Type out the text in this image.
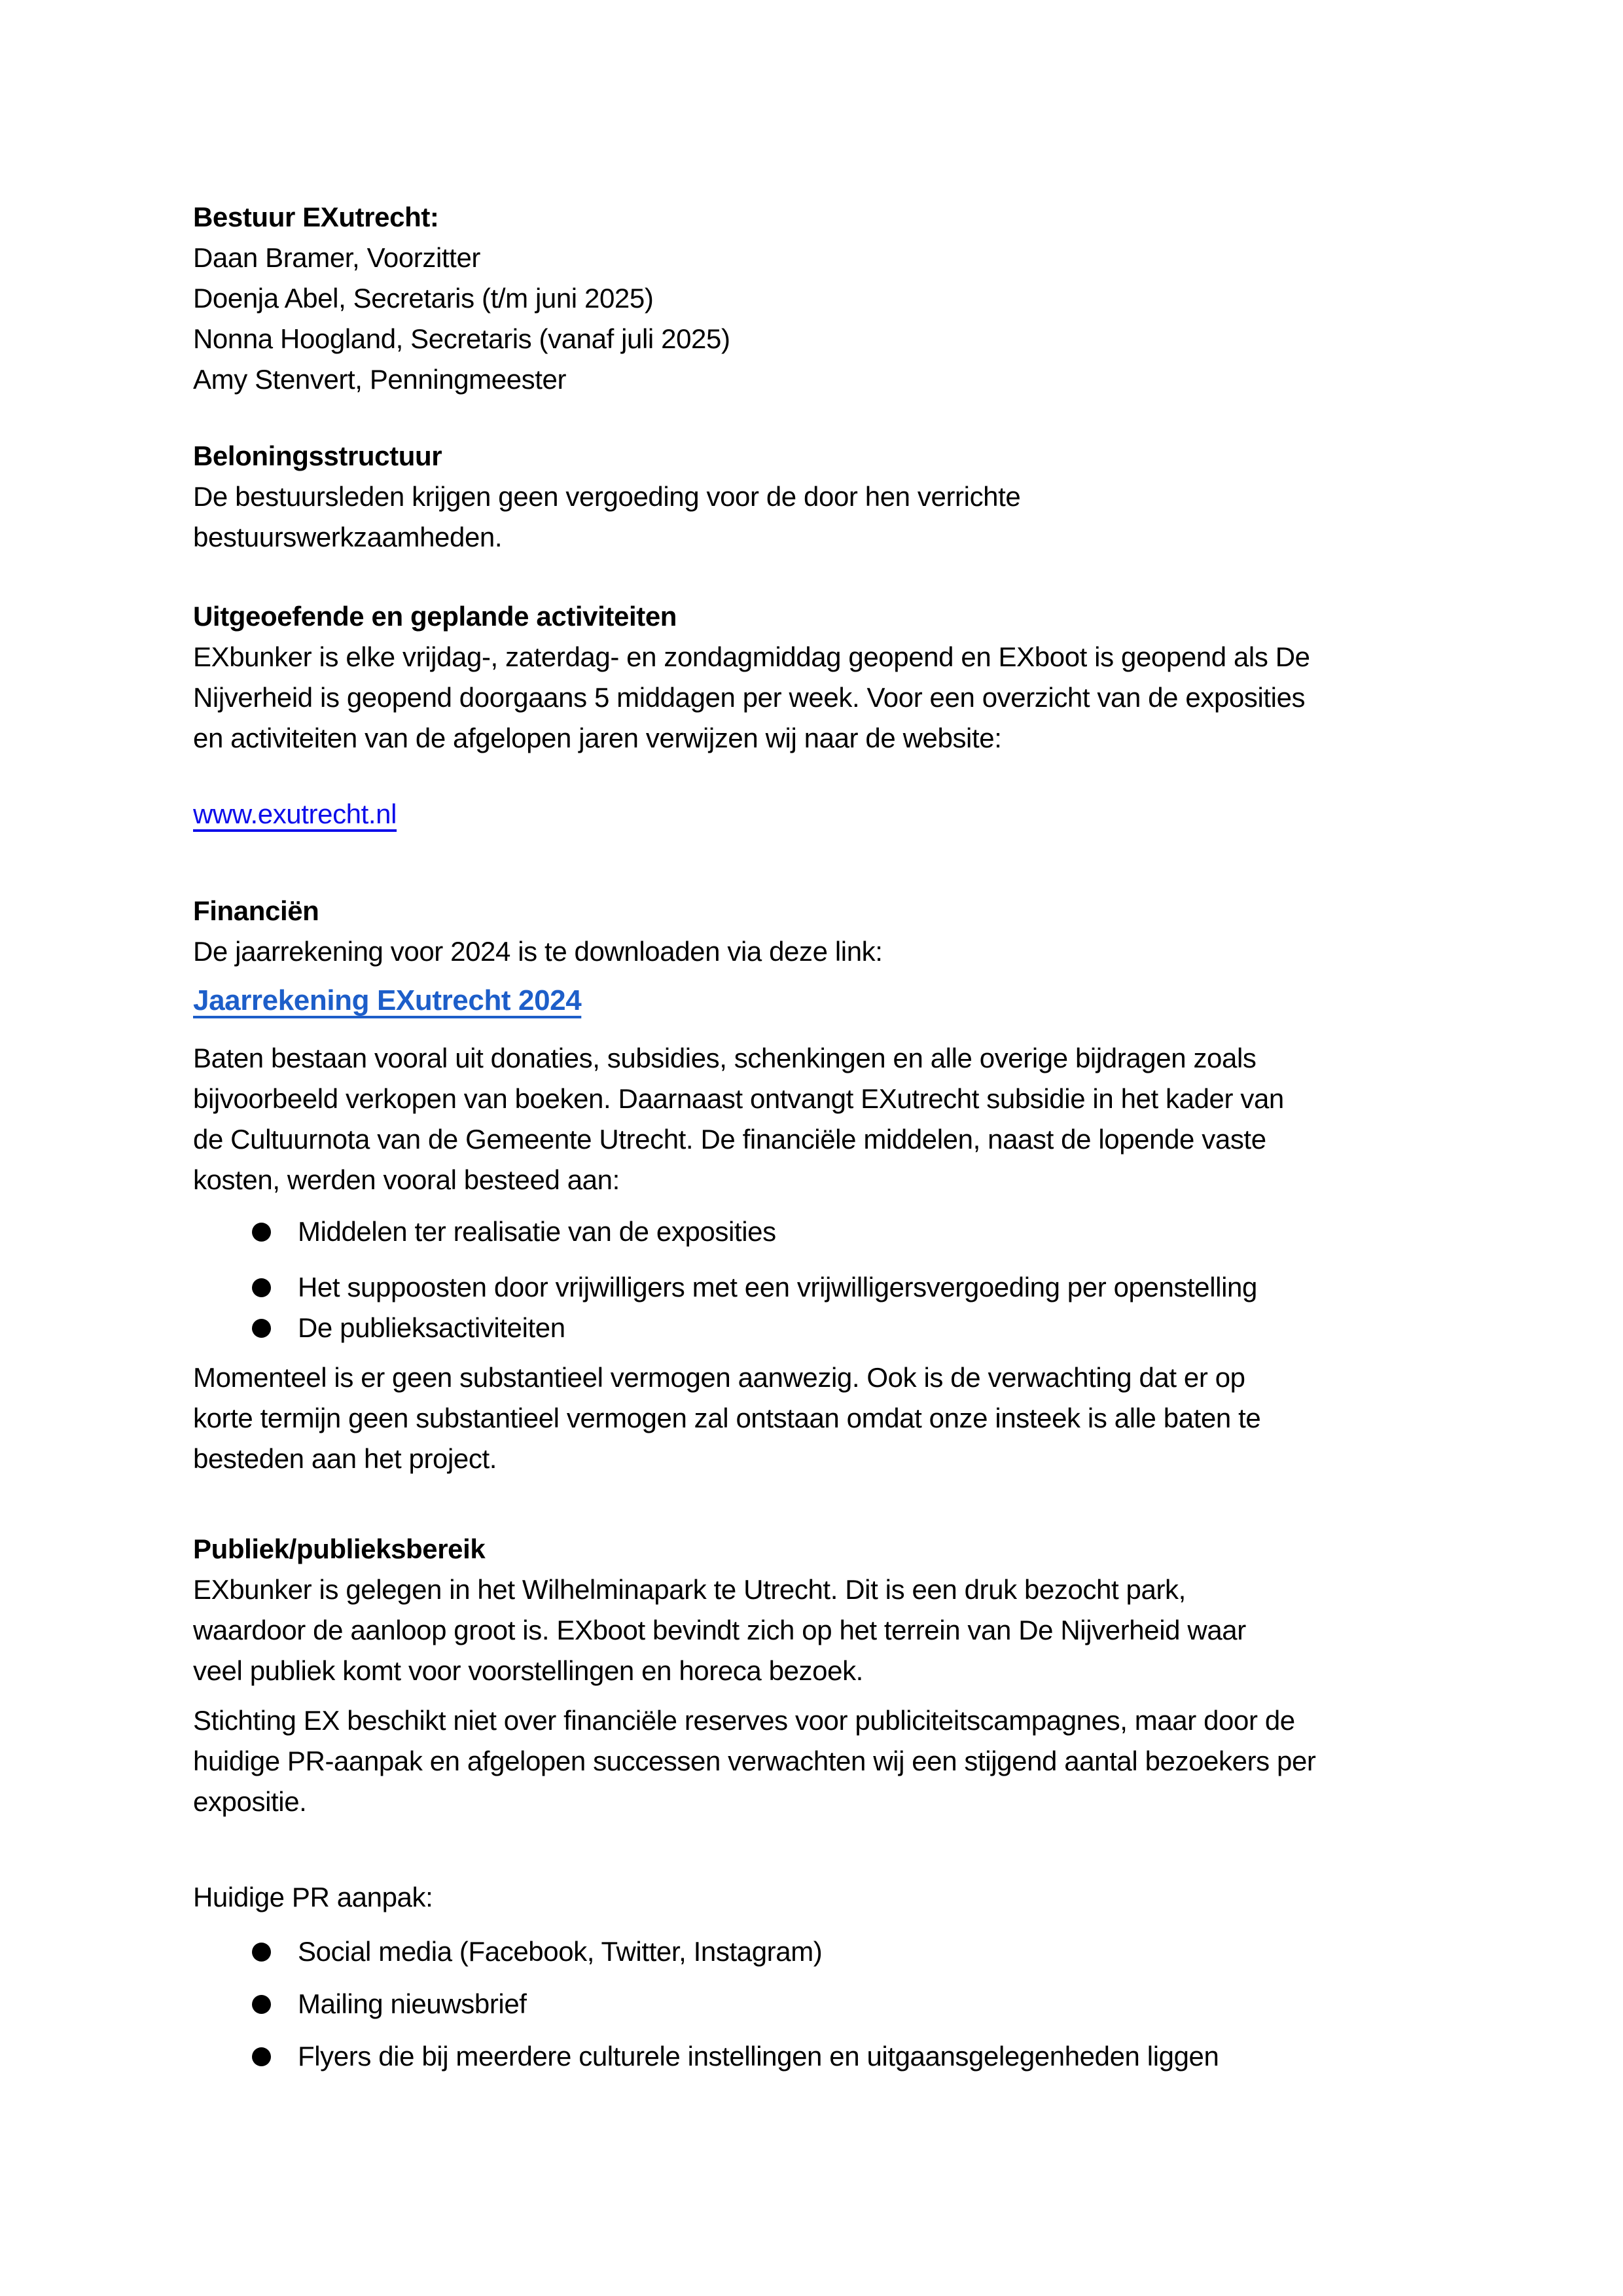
Bestuur EXutrecht:
Daan Bramer, Voorzitter
Doenja Abel, Secretaris (t/m juni 2025)
Nonna Hoogland, Secretaris (vanaf juli 2025)
Amy Stenvert, Penningmeester
Beloningsstructuur
De bestuursleden krijgen geen vergoeding voor de door hen verrichte
bestuurswerkzaamheden.
Uitgeoefende en geplande activiteiten
EXbunker is elke vrijdag-, zaterdag- en zondagmiddag geopend en EXboot is geopend als De
Nijverheid is geopend doorgaans 5 middagen per week. Voor een overzicht van de exposities
en activiteiten van de afgelopen jaren verwijzen wij naar de website:
www.exutrecht.nl
Financiën
De jaarrekening voor 2024 is te downloaden via deze link:
Jaarrekening EXutrecht 2024
Baten bestaan vooral uit donaties, subsidies, schenkingen en alle overige bijdragen zoals
bijvoorbeeld verkopen van boeken. Daarnaast ontvangt EXutrecht subsidie in het kader van
de Cultuurnota van de Gemeente Utrecht. De financiële middelen, naast de lopende vaste
kosten, werden vooral besteed aan:
Middelen ter realisatie van de exposities
Het suppoosten door vrijwilligers met een vrijwilligersvergoeding per openstelling
De publieksactiviteiten
Momenteel is er geen substantieel vermogen aanwezig. Ook is de verwachting dat er op
korte termijn geen substantieel vermogen zal ontstaan omdat onze insteek is alle baten te
besteden aan het project.
Publiek/publieksbereik
EXbunker is gelegen in het Wilhelminapark te Utrecht. Dit is een druk bezocht park,
waardoor de aanloop groot is. EXboot bevindt zich op het terrein van De Nijverheid waar
veel publiek komt voor voorstellingen en horeca bezoek.
Stichting EX beschikt niet over financiële reserves voor publiciteitscampagnes, maar door de
huidige PR-aanpak en afgelopen successen verwachten wij een stijgend aantal bezoekers per
expositie.
Huidige PR aanpak:
Social media (Facebook, Twitter, Instagram)
Mailing nieuwsbrief
Flyers die bij meerdere culturele instellingen en uitgaansgelegenheden liggen
